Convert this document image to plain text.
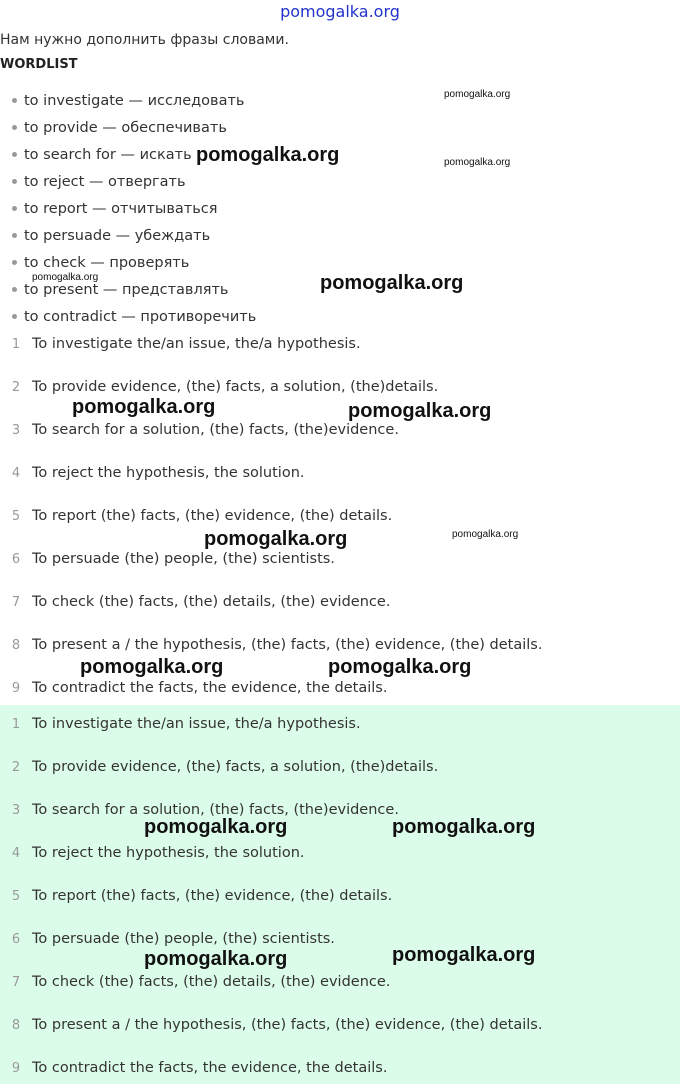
pomogalka.org
Нам нужно дополнить фразы словами.
WORDLIST
to investigate — исследовать
to provide — обеспечивать
to search for — искать
to reject — отвергать
to report — отчитываться
to persuade — убеждать
to check — проверять
to present — представлять
to contradict — противоречить
1 To investigate the/an issue, the/a hypothesis.
2 To provide evidence, (the) facts, a solution, (the)details.
3 To search for a solution, (the) facts, (the)evidence.
4 To reject the hypothesis, the solution.
5 To report (the) facts, (the) evidence, (the) details.
6 To persuade (the) people, (the) scientists.
7 To check (the) facts, (the) details, (the) evidence.
8 To present a / the hypothesis, (the) facts, (the) evidence, (the) details.
9 To contradict the facts, the evidence, the details.
1 To investigate the/an issue, the/a hypothesis.
2 To provide evidence, (the) facts, a solution, (the)details.
3 To search for a solution, (the) facts, (the)evidence.
4 To reject the hypothesis, the solution.
5 To report (the) facts, (the) evidence, (the) details.
6 To persuade (the) people, (the) scientists.
7 To check (the) facts, (the) details, (the) evidence.
8 To present a / the hypothesis, (the) facts, (the) evidence, (the) details.
9 To contradict the facts, the evidence, the details.
pomogalka.org
pomogalka.org
pomogalka.org
pomogalka.org	pomogalka.org
pomogalka.org	pomogalka.org
pomogalka.org	pomogalka.org
pomogalka.org	pomogalka.org
pomogalka.org	pomogalka.org
pomogalka.org	pomogalka.org
